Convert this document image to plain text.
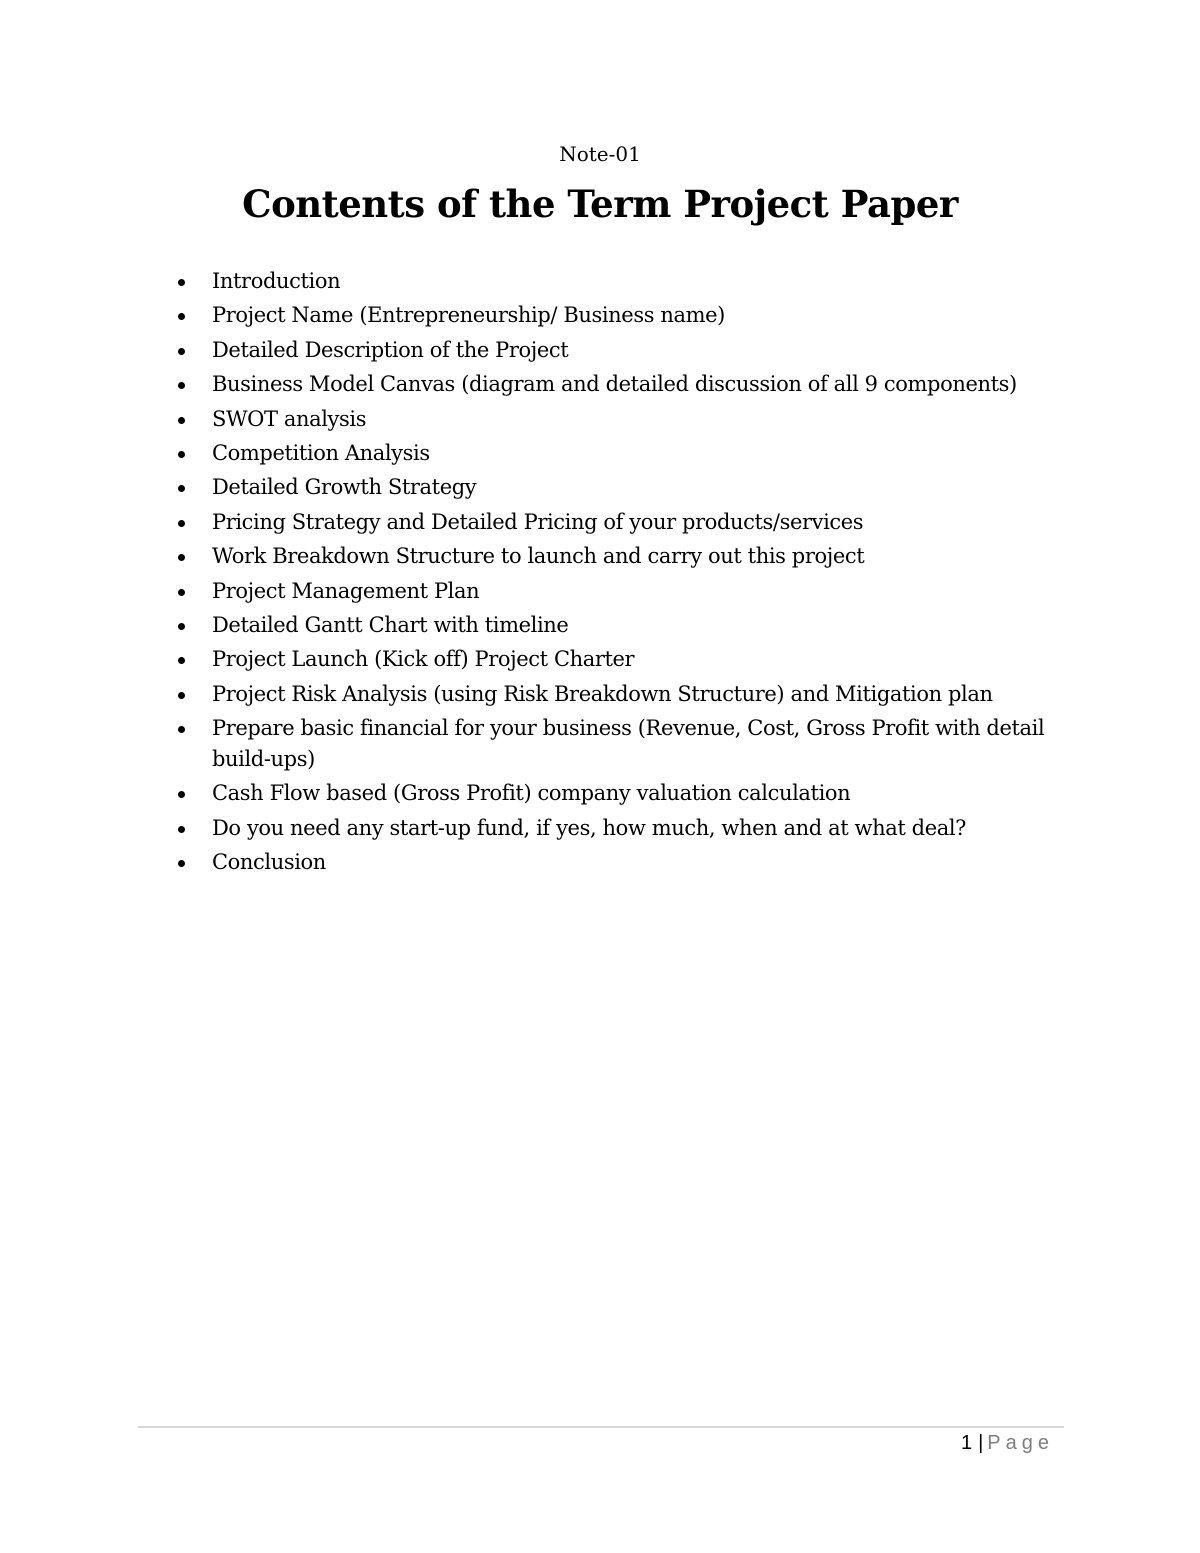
Note-01
Contents of the Term Project Paper
Introduction
Project Name (Entrepreneurship/ Business name)
Detailed Description of the Project
Business Model Canvas (diagram and detailed discussion of all 9 components)
SWOT analysis
Competition Analysis
Detailed Growth Strategy
Pricing Strategy and Detailed Pricing of your products/services
Work Breakdown Structure to launch and carry out this project
Project Management Plan
Detailed Gantt Chart with timeline
Project Launch (Kick off) Project Charter
Project Risk Analysis (using Risk Breakdown Structure) and Mitigation plan
Prepare basic financial for your business (Revenue, Cost, Gross Profit with detail build-ups)
Cash Flow based (Gross Profit) company valuation calculation
Do you need any start-up fund, if yes, how much, when and at what deal?
Conclusion
1 | Page
